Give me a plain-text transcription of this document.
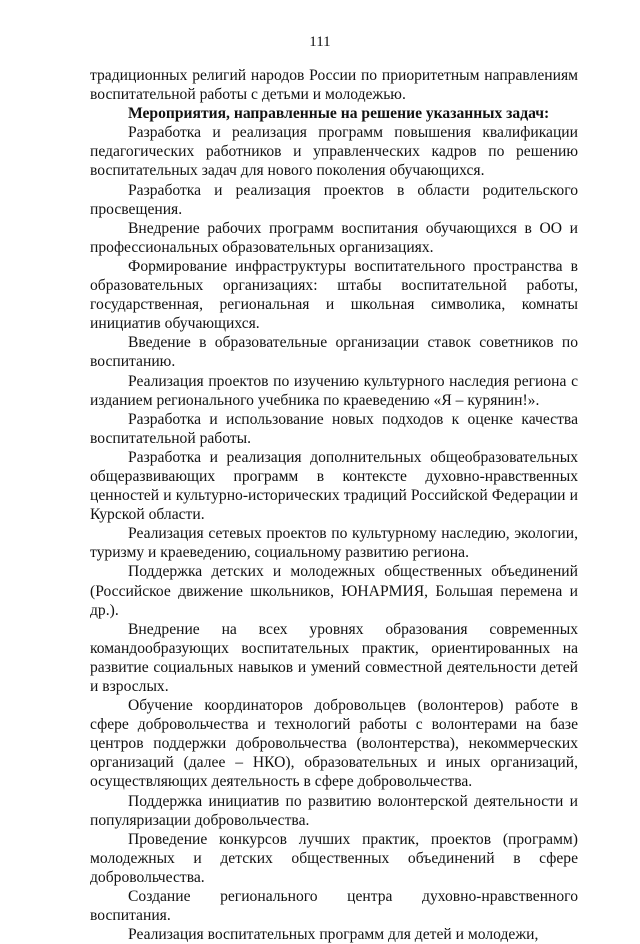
111

традиционных религий народов России по приоритетным направлениям воспитательной работы с детьми и молодежью.

Мероприятия, направленные на решение указанных задач:

Разработка и реализация программ повышения квалификации педагогических работников и управленческих кадров по решению воспитательных задач для нового поколения обучающихся.

Разработка и реализация проектов в области родительского просвещения.

Внедрение рабочих программ воспитания обучающихся в ОО и профессиональных образовательных организациях.

Формирование инфраструктуры воспитательного пространства в образовательных организациях: штабы воспитательной работы, государственная, региональная и школьная символика, комнаты инициатив обучающихся.

Введение в образовательные организации ставок советников по воспитанию.

Реализация проектов по изучению культурного наследия региона с изданием регионального учебника по краеведению «Я – курянин!».

Разработка и использование новых подходов к оценке качества воспитательной работы.

Разработка и реализация дополнительных общеобразовательных общеразвивающих программ в контексте духовно-нравственных ценностей и культурно-исторических традиций Российской Федерации и Курской области.

Реализация сетевых проектов по культурному наследию, экологии, туризму и краеведению, социальному развитию региона.

Поддержка детских и молодежных общественных объединений (Российское движение школьников, ЮНАРМИЯ, Большая перемена и др.).

Внедрение на всех уровнях образования современных командообразующих воспитательных практик, ориентированных на развитие социальных навыков и умений совместной деятельности детей и взрослых.

Обучение координаторов добровольцев (волонтеров) работе в сфере добровольчества и технологий работы с волонтерами на базе центров поддержки добровольчества (волонтерства), некоммерческих организаций (далее – НКО), образовательных и иных организаций, осуществляющих деятельность в сфере добровольчества.

Поддержка инициатив по развитию волонтерской деятельности и популяризации добровольчества.

Проведение конкурсов лучших практик, проектов (программ) молодежных и детских общественных объединений в сфере добровольчества.

Создание регионального центра духовно-нравственного воспитания.

Реализация воспитательных программ для детей и молодежи,
